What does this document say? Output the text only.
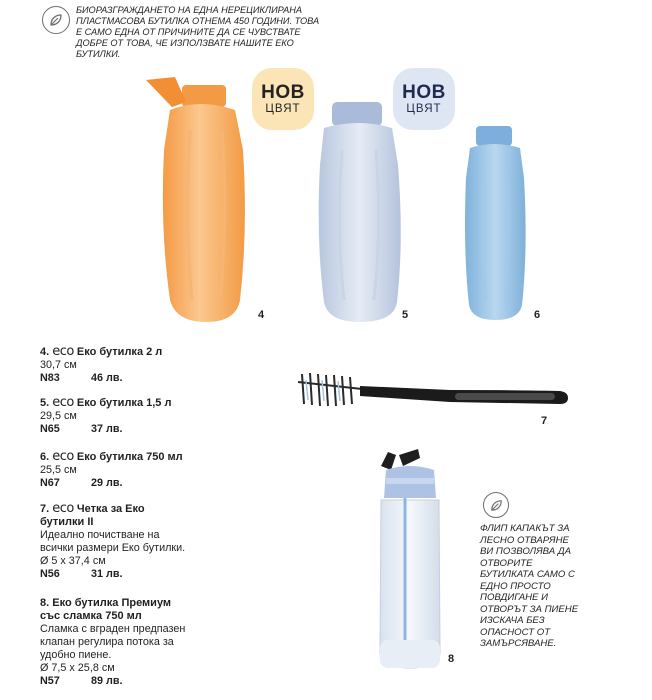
БИОРАЗГРАЖДАНЕТО НА ЕДНА НЕРЕЦИКЛИРАНА ПЛАСТМАСОВА БУТИЛКА ОТНЕМА 450 ГОДИНИ. ТОВА Е САМО ЕДНА ОТ ПРИЧИНИТЕ ДА СЕ ЧУВСТВАТЕ ДОБРЕ ОТ ТОВА, ЧЕ ИЗПОЛЗВАТЕ НАШИТЕ ЕКО БУТИЛКИ.
НОВ
ЦВЯТ
НОВ
ЦВЯТ
4	5	6
7
8
4. eco Еко бутилка 2 л
30,7 см
N83	46 лв.
5. eco Еко бутилка 1,5 л
29,5 см
N65	37 лв.
6. eco Еко бутилка 750 мл
25,5 см
N67	29 лв.
7. eco Четка за Еко
бутилки II
Идеално почистване на
всички размери Еко бутилки.
Ø 5 х 37,4 см
N56	31 лв.
8. Еко бутилка Премиум
със сламка 750 мл
Сламка с вграден предпазен
клапан регулира потока за
удобно пиене.
Ø 7,5 х 25,8 см
N57	89 лв.
ФЛИП КАПАКЪТ ЗА ЛЕСНО ОТВАРЯНЕ ВИ ПОЗВОЛЯВА ДА ОТВОРИТЕ БУТИЛКАТА САМО С ЕДНО ПРОСТО ПОВДИГАНЕ И ОТВОРЪТ ЗА ПИЕНЕ ИЗСКАЧА БЕЗ ОПАСНОСТ ОТ ЗАМЪРСЯВАНЕ.
